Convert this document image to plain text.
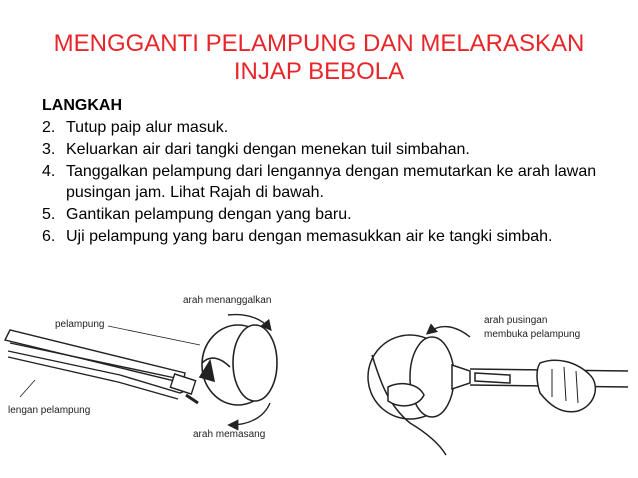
MENGGANTI PELAMPUNG DAN MELARASKAN
INJAP BEBOLA
LANGKAH
2. Tutup paip alur masuk.
3. Keluarkan air dari tangki dengan menekan tuil simbahan.
4. Tanggalkan pelampung dari lengannya dengan memutarkan ke arah lawan pusingan jam. Lihat Rajah di bawah.
5. Gantikan pelampung dengan yang baru.
6. Uji pelampung yang baru dengan memasukkan air ke tangki simbah.
arah menanggalkan
pelampung
lengan pelampung
arah memasang
arah pusingan
membuka pelampung
